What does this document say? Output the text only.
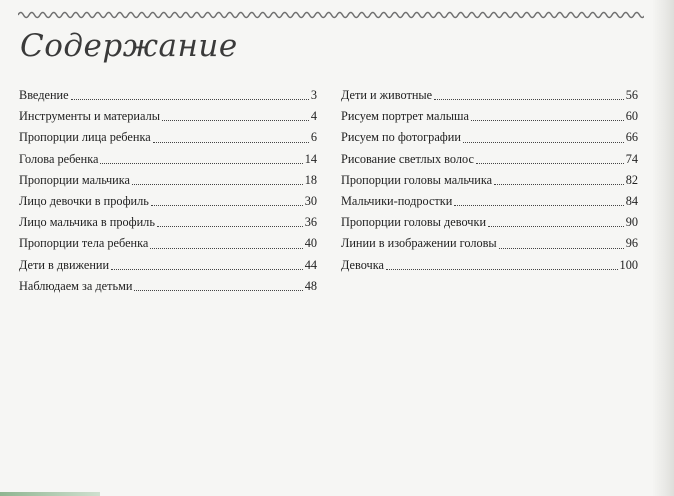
Содержание
Введение	3
Инструменты и материалы	4
Пропорции лица ребенка	6
Голова ребенка	14
Пропорции мальчика	18
Лицо девочки в профиль	30
Лицо мальчика в профиль	36
Пропорции тела ребенка	40
Дети в движении	44
Наблюдаем за детьми	48
Дети и животные	56
Рисуем портрет малыша	60
Рисуем по фотографии	66
Рисование светлых волос	74
Пропорции головы мальчика	82
Мальчики-подростки	84
Пропорции головы девочки	90
Линии в изображении головы	96
Девочка	100
